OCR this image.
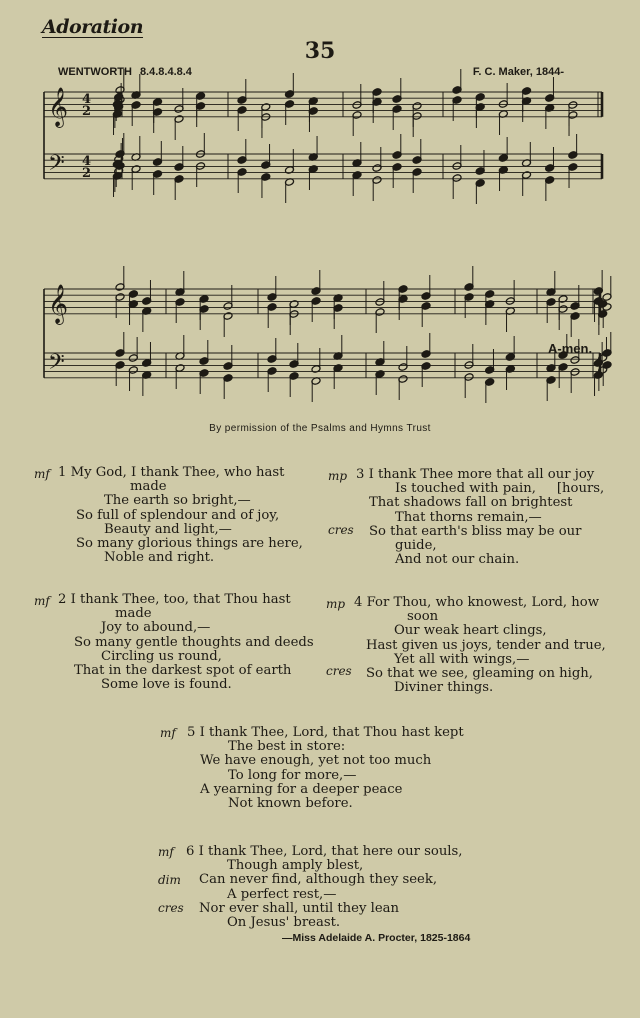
Adoration
35
WENTWORTH 8.4.8.4.8.4	F. C. Maker, 1844-
𝄞
𝄢
4
4
2
2
𝄞
𝄢
A-men.
By permission of the Psalms and Hymns Trust
mf 1 My God, I thank Thee, who hast
made
The earth so bright,—
So full of splendour and of joy,
Beauty and light,—
So many glorious things are here,
Noble and right.
mf 2 I thank Thee, too, that Thou hast
made
Joy to abound,—
So many gentle thoughts and deeds
Circling us round,
That in the darkest spot of earth
Some love is found.
mp
cres
3 I thank Thee more that all our joy
Is touched with pain,     [hours,
That shadows fall on brightest
That thorns remain,—
So that earth's bliss may be our
guide,
And not our chain.
mp
cres
4 For Thou, who knowest, Lord, how
soon
Our weak heart clings,
Hast given us joys, tender and true,
Yet all with wings,—
So that we see, gleaming on high,
Diviner things.
mf 5 I thank Thee, Lord, that Thou hast kept
The best in store:
We have enough, yet not too much
To long for more,—
A yearning for a deeper peace
Not known before.
mf
dim
cres
6 I thank Thee, Lord, that here our souls,
Though amply blest,
Can never find, although they seek,
A perfect rest,—
Nor ever shall, until they lean
On Jesus' breast.
—Miss Adelaide A. Procter, 1825-1864
